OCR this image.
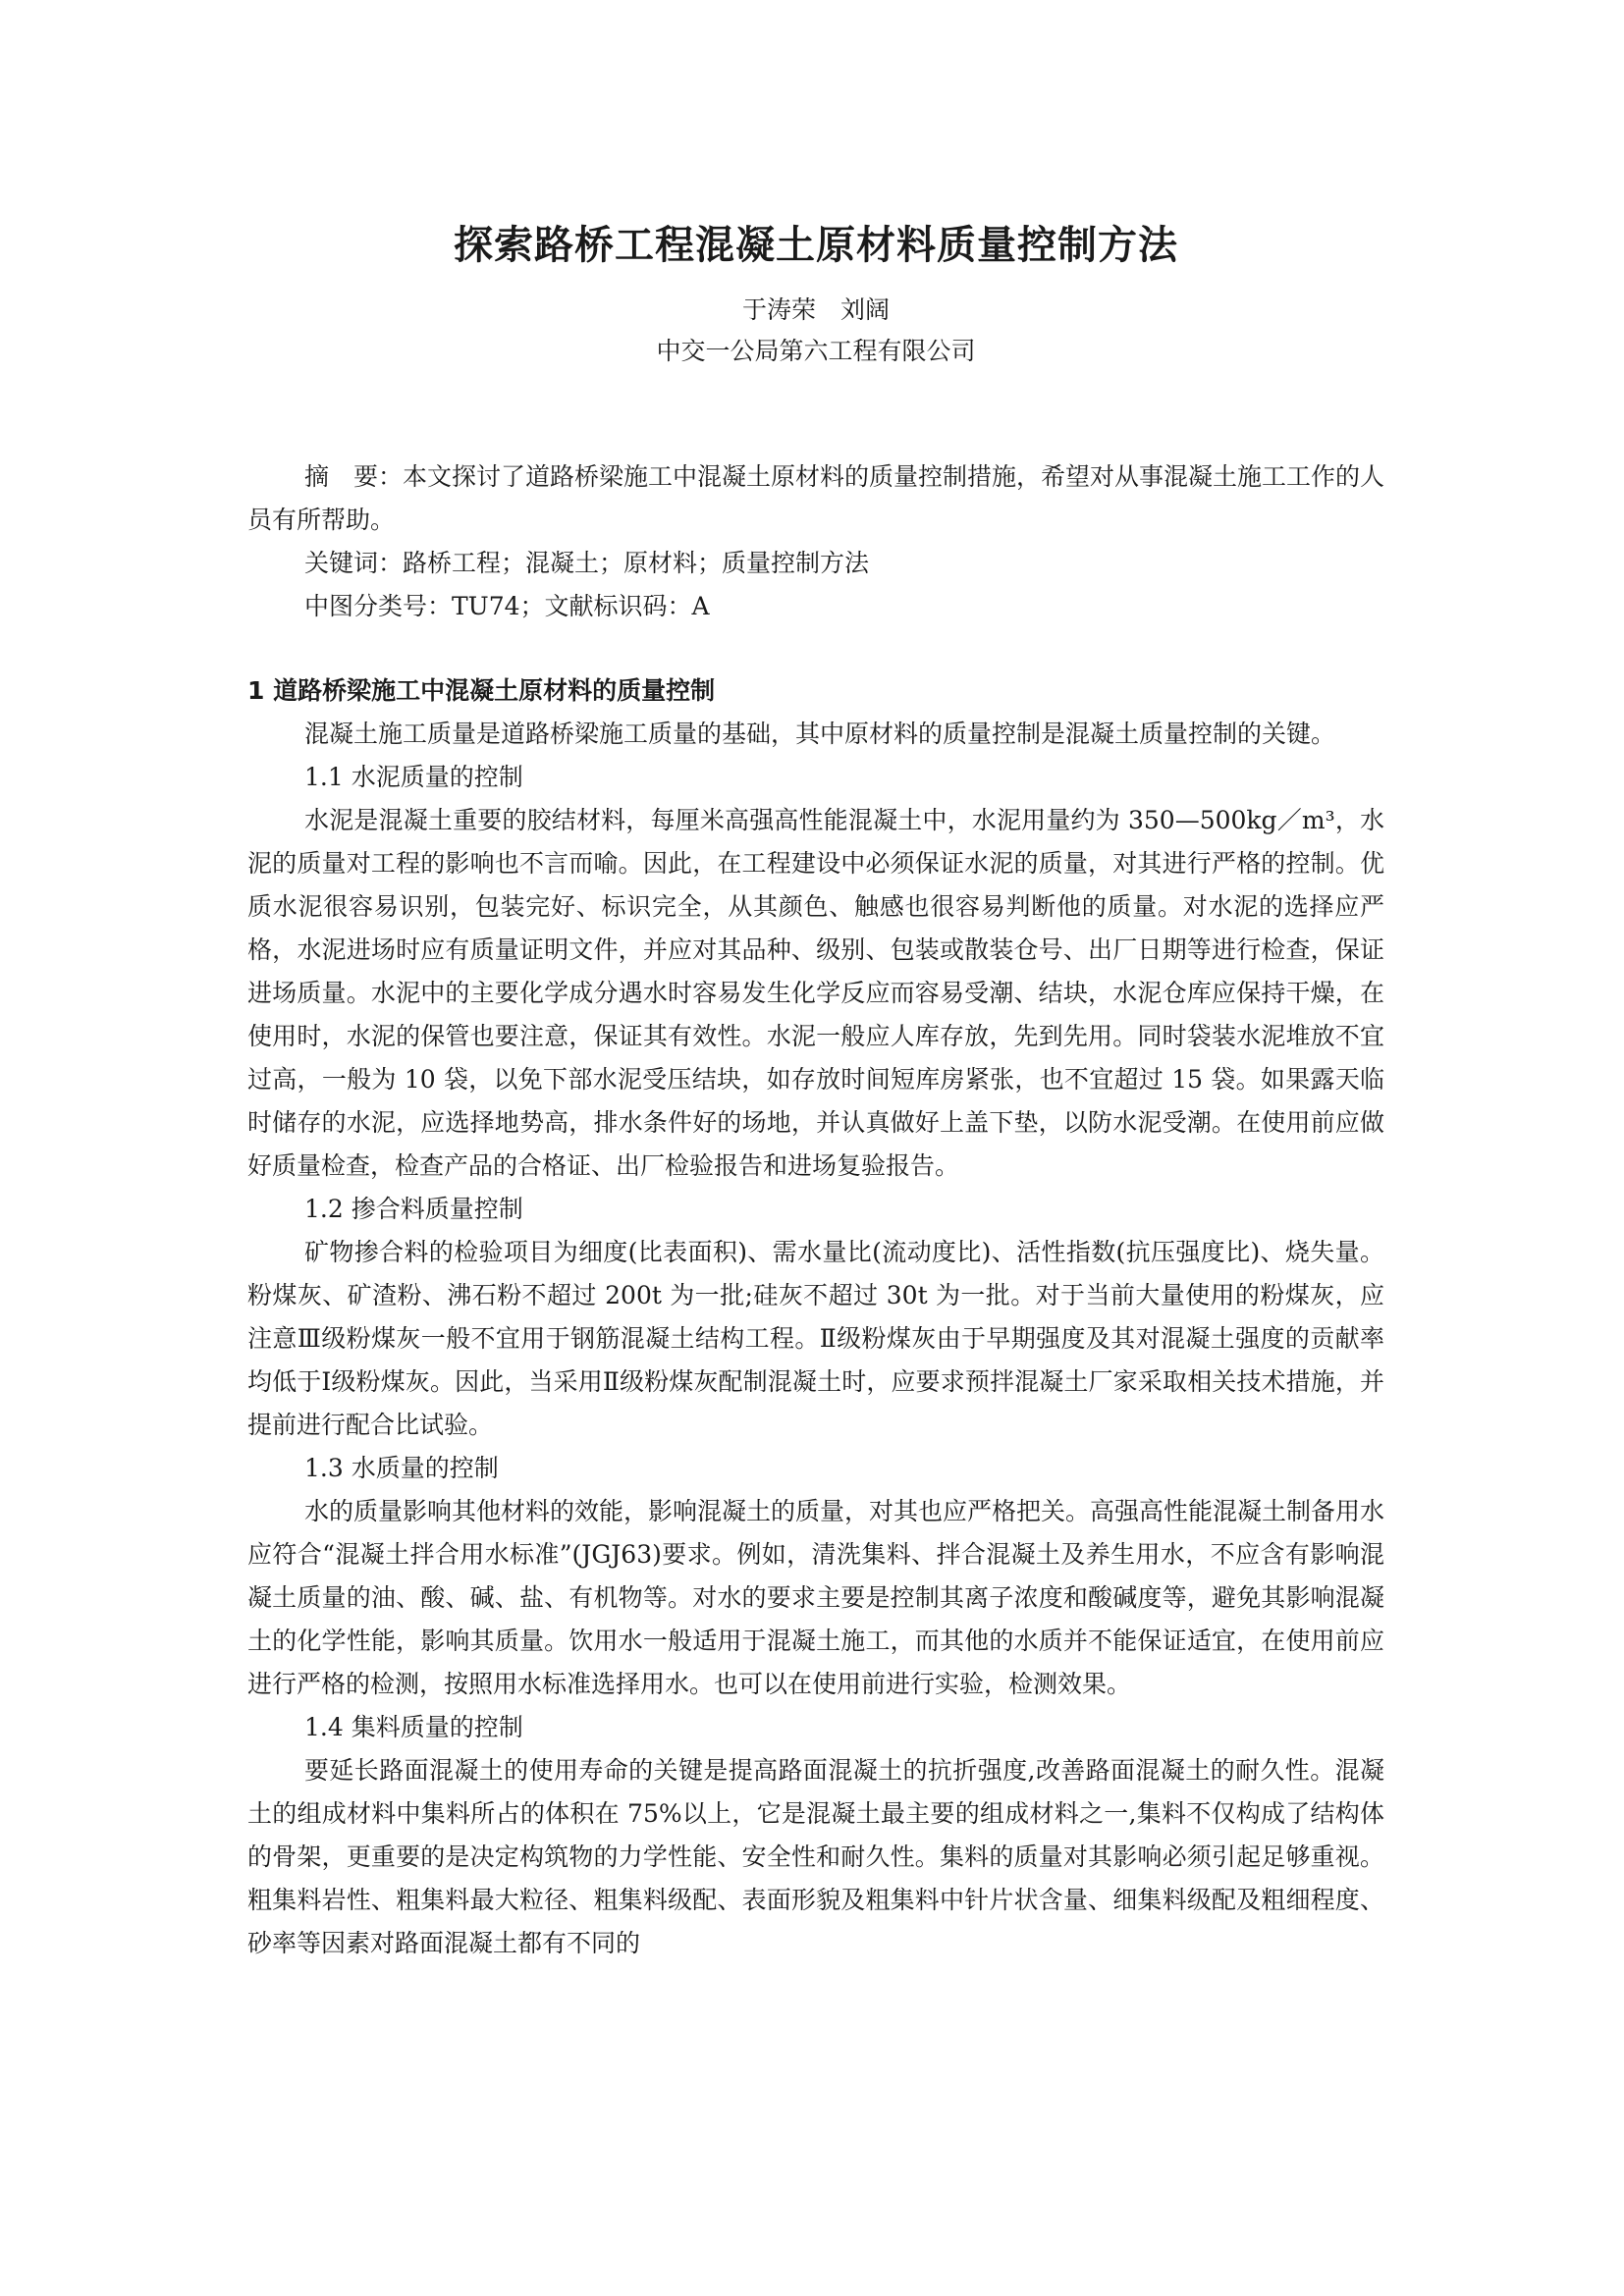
探索路桥工程混凝土原材料质量控制方法

于涛荣　刘阔

中交一公局第六工程有限公司

摘　要：本文探讨了道路桥梁施工中混凝土原材料的质量控制措施，希望对从事混凝土施工工作的人员有所帮助。

关键词：路桥工程；混凝土；原材料；质量控制方法

中图分类号：TU74；文献标识码：A

1 道路桥梁施工中混凝土原材料的质量控制

混凝土施工质量是道路桥梁施工质量的基础，其中原材料的质量控制是混凝土质量控制的关键。

1.1 水泥质量的控制

水泥是混凝土重要的胶结材料，每厘米高强高性能混凝土中，水泥用量约为 350—500kg／m³，水泥的质量对工程的影响也不言而喻。因此，在工程建设中必须保证水泥的质量，对其进行严格的控制。优质水泥很容易识别，包装完好、标识完全，从其颜色、触感也很容易判断他的质量。对水泥的选择应严格，水泥进场时应有质量证明文件，并应对其品种、级别、包装或散装仓号、出厂日期等进行检查，保证进场质量。水泥中的主要化学成分遇水时容易发生化学反应而容易受潮、结块，水泥仓库应保持干燥，在使用时，水泥的保管也要注意，保证其有效性。水泥一般应人库存放，先到先用。同时袋装水泥堆放不宜过高，一般为 10 袋，以免下部水泥受压结块，如存放时间短库房紧张，也不宜超过 15 袋。如果露天临时储存的水泥，应选择地势高，排水条件好的场地，并认真做好上盖下垫，以防水泥受潮。在使用前应做好质量检查，检查产品的合格证、出厂检验报告和进场复验报告。

1.2 掺合料质量控制

矿物掺合料的检验项目为细度(比表面积)、需水量比(流动度比)、活性指数(抗压强度比)、烧失量。粉煤灰、矿渣粉、沸石粉不超过 200t 为一批;硅灰不超过 30t 为一批。对于当前大量使用的粉煤灰，应注意Ⅲ级粉煤灰一般不宜用于钢筋混凝土结构工程。Ⅱ级粉煤灰由于早期强度及其对混凝土强度的贡献率均低于Ⅰ级粉煤灰。因此，当采用Ⅱ级粉煤灰配制混凝土时，应要求预拌混凝土厂家采取相关技术措施，并提前进行配合比试验。

1.3 水质量的控制

水的质量影响其他材料的效能，影响混凝土的质量，对其也应严格把关。高强高性能混凝土制备用水应符合“混凝土拌合用水标准”(JGJ63)要求。例如，清洗集料、拌合混凝土及养生用水，不应含有影响混凝土质量的油、酸、碱、盐、有机物等。对水的要求主要是控制其离子浓度和酸碱度等，避免其影响混凝土的化学性能，影响其质量。饮用水一般适用于混凝土施工，而其他的水质并不能保证适宜，在使用前应进行严格的检测，按照用水标准选择用水。也可以在使用前进行实验，检测效果。

1.4 集料质量的控制

要延长路面混凝土的使用寿命的关键是提高路面混凝土的抗折强度,改善路面混凝土的耐久性。混凝土的组成材料中集料所占的体积在 75%以上，它是混凝土最主要的组成材料之一,集料不仅构成了结构体的骨架，更重要的是决定构筑物的力学性能、安全性和耐久性。集料的质量对其影响必须引起足够重视。粗集料岩性、粗集料最大粒径、粗集料级配、表面形貌及粗集料中针片状含量、细集料级配及粗细程度、砂率等因素对路面混凝土都有不同的
